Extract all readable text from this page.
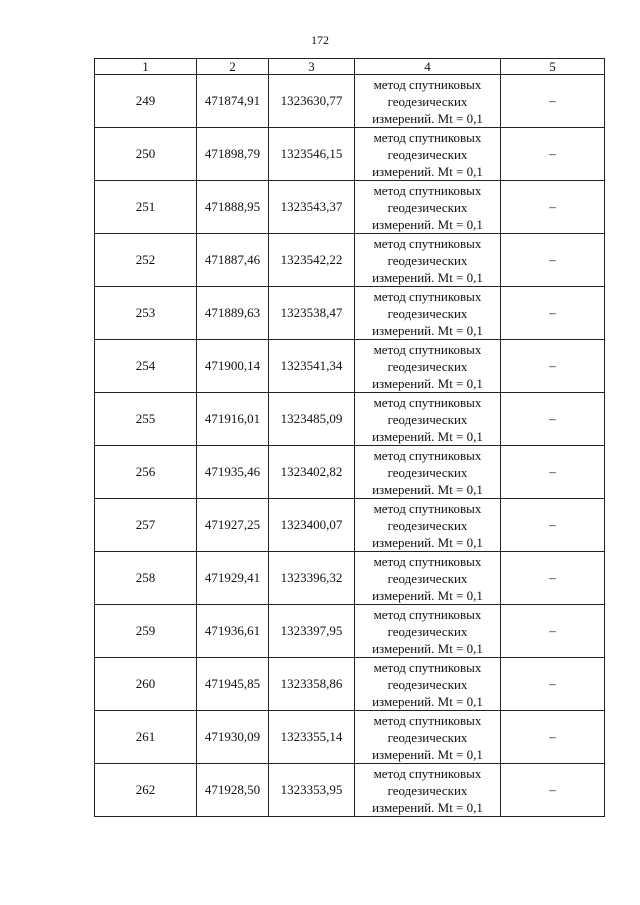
172
1	2	3	4	5
249	471874,91	1323630,77	метод спутниковых
геодезических
измерений. Mt = 0,1	–
250	471898,79	1323546,15	метод спутниковых
геодезических
измерений. Mt = 0,1	–
251	471888,95	1323543,37	метод спутниковых
геодезических
измерений. Mt = 0,1	–
252	471887,46	1323542,22	метод спутниковых
геодезических
измерений. Mt = 0,1	–
253	471889,63	1323538,47	метод спутниковых
геодезических
измерений. Mt = 0,1	–
254	471900,14	1323541,34	метод спутниковых
геодезических
измерений. Mt = 0,1	–
255	471916,01	1323485,09	метод спутниковых
геодезических
измерений. Mt = 0,1	–
256	471935,46	1323402,82	метод спутниковых
геодезических
измерений. Mt = 0,1	–
257	471927,25	1323400,07	метод спутниковых
геодезических
измерений. Mt = 0,1	–
258	471929,41	1323396,32	метод спутниковых
геодезических
измерений. Mt = 0,1	–
259	471936,61	1323397,95	метод спутниковых
геодезических
измерений. Mt = 0,1	–
260	471945,85	1323358,86	метод спутниковых
геодезических
измерений. Mt = 0,1	–
261	471930,09	1323355,14	метод спутниковых
геодезических
измерений. Mt = 0,1	–
262	471928,50	1323353,95	метод спутниковых
геодезических
измерений. Mt = 0,1	–
